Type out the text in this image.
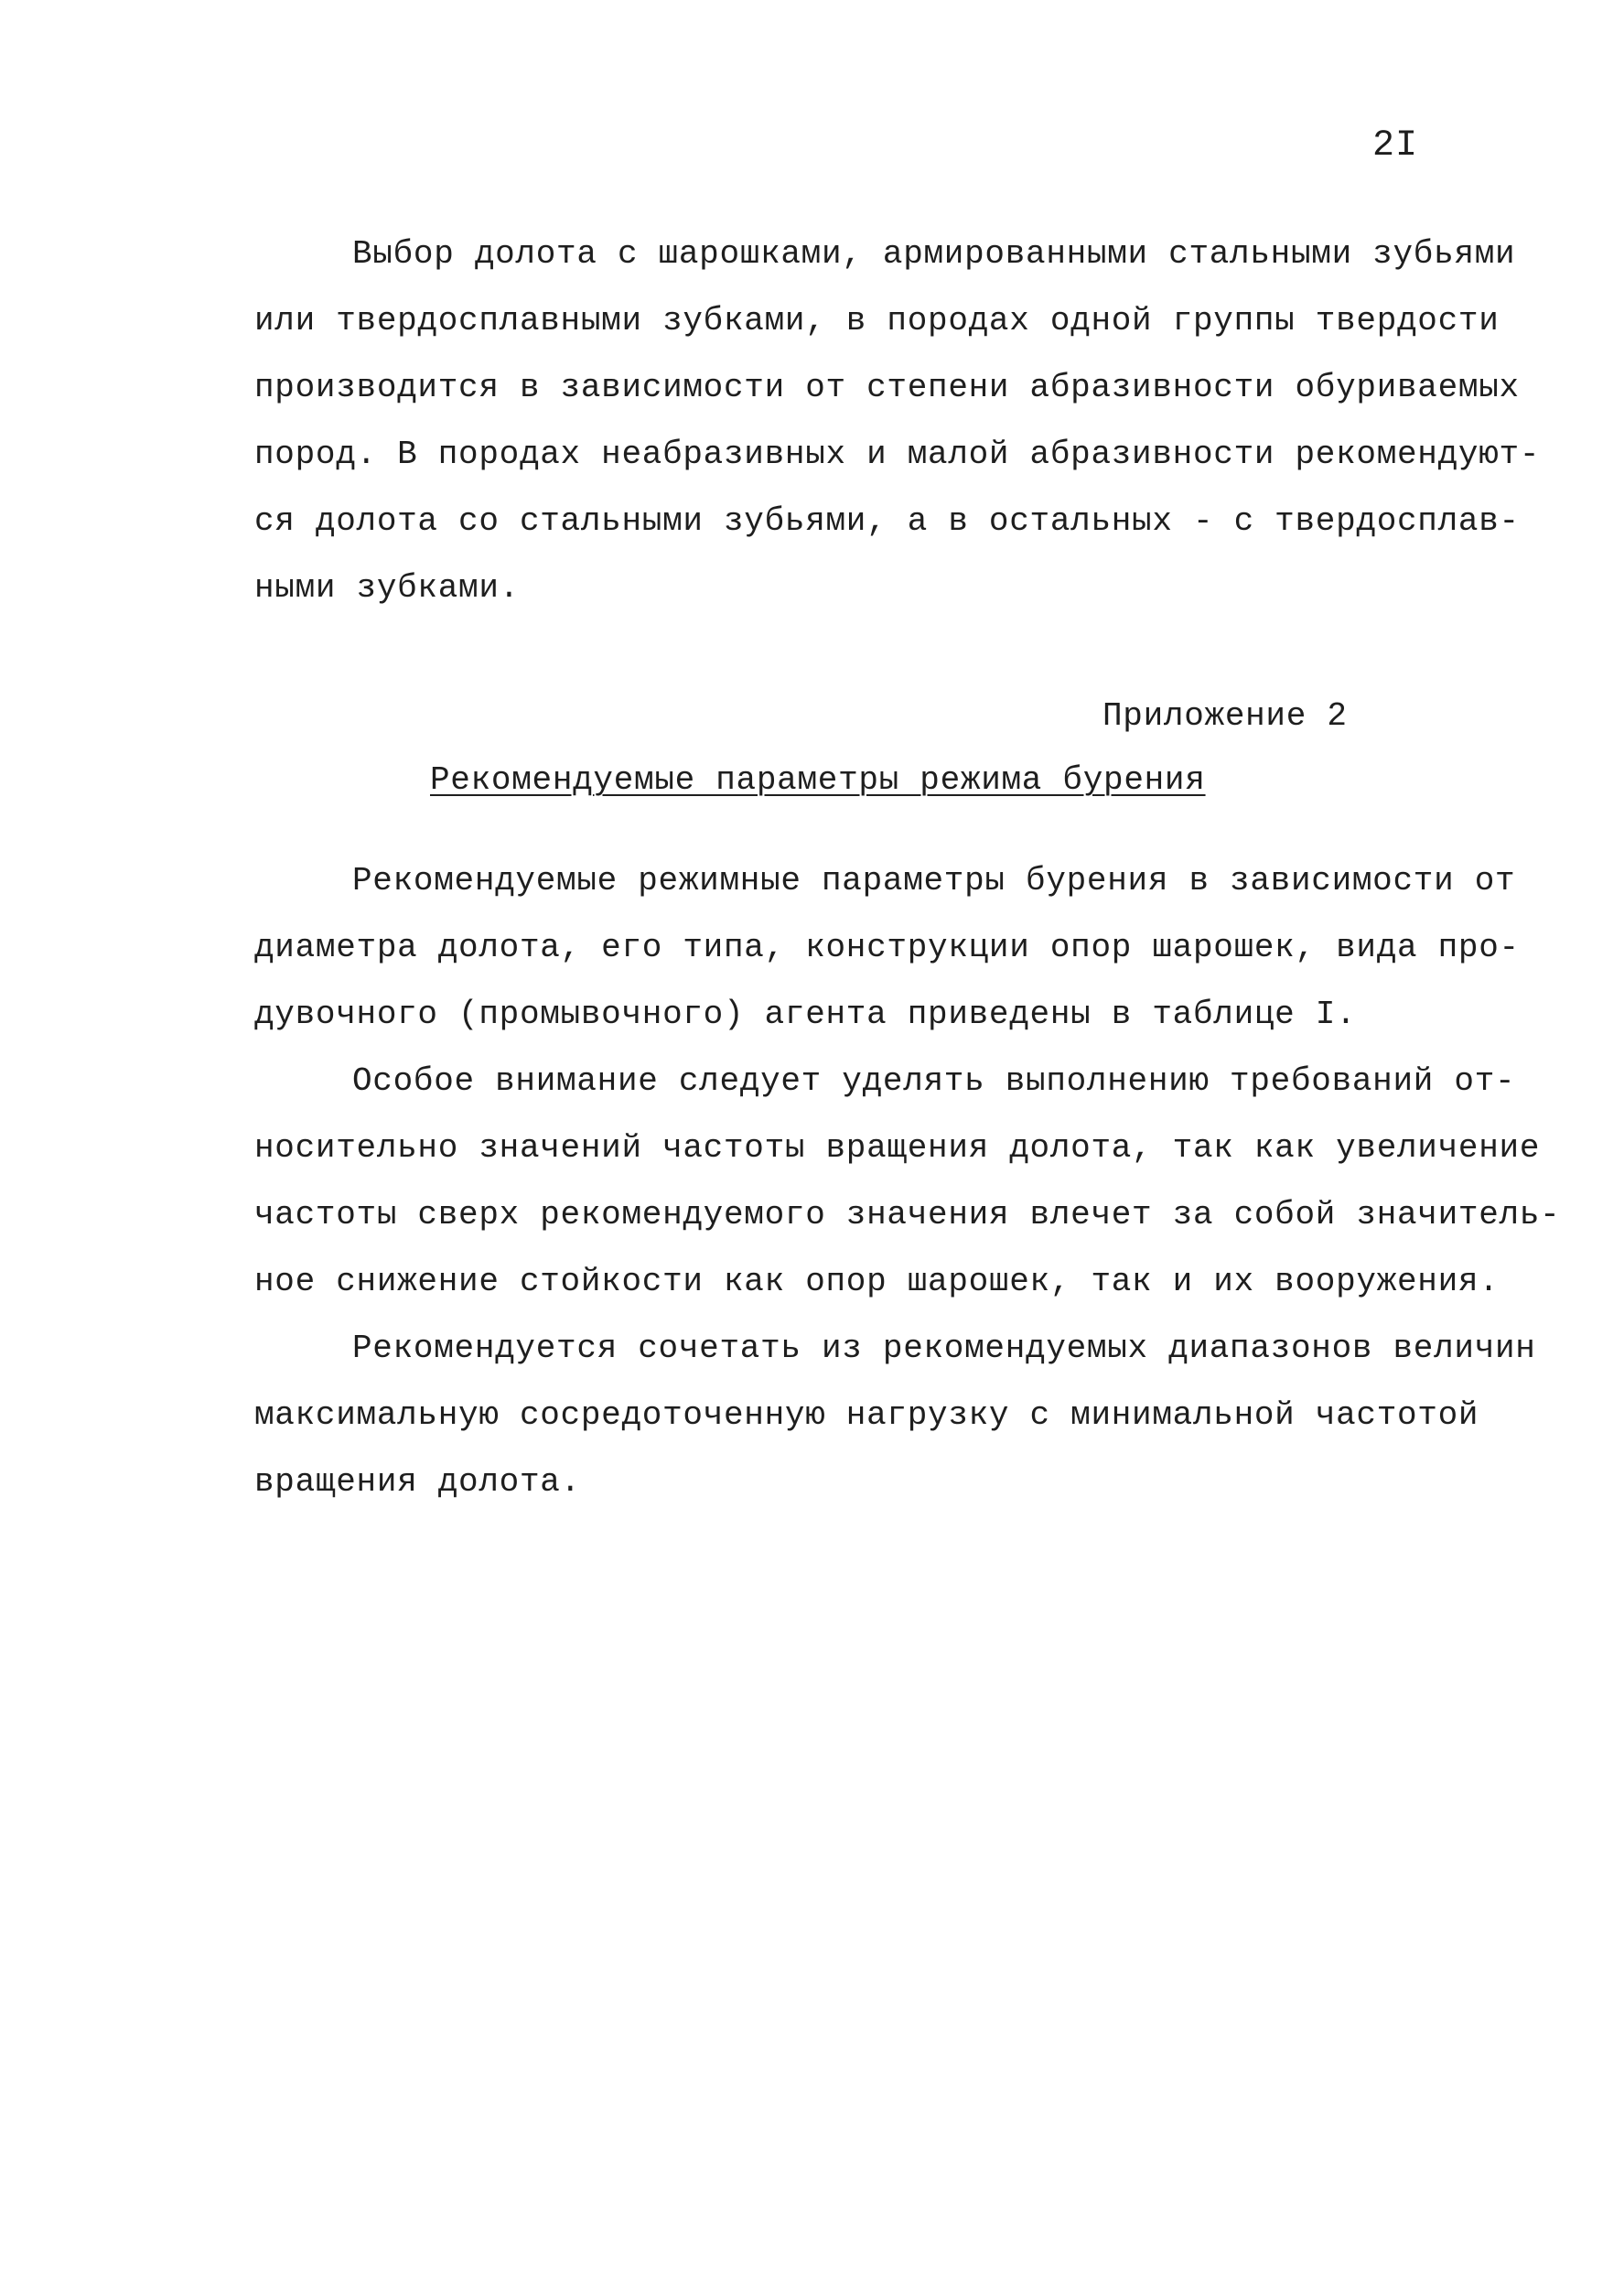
2I
Выбор долота с шарошками, армированными стальными зубьями
или твердосплавными зубками, в породах одной группы твердости
производится в зависимости от степени абразивности обуриваемых
пород. В породах неабразивных и малой абразивности рекомендуют-
ся долота со стальными зубьями, а в остальных - с твердосплав-
ными зубками.
Приложение 2
Рекомендуемые параметры режима бурения
Рекомендуемые режимные параметры бурения в зависимости от
диаметра долота, его типа, конструкции опор шарошек, вида про-
дувочного (промывочного) агента приведены в таблице I.
Особое внимание следует уделять выполнению требований от-
носительно значений частоты вращения долота, так как увеличение
частоты сверх рекомендуемого значения влечет за собой значитель-
ное снижение стойкости как опор шарошек, так и их вооружения.
Рекомендуется сочетать из рекомендуемых диапазонов величин
максимальную сосредоточенную нагрузку с минимальной частотой
вращения долота.
